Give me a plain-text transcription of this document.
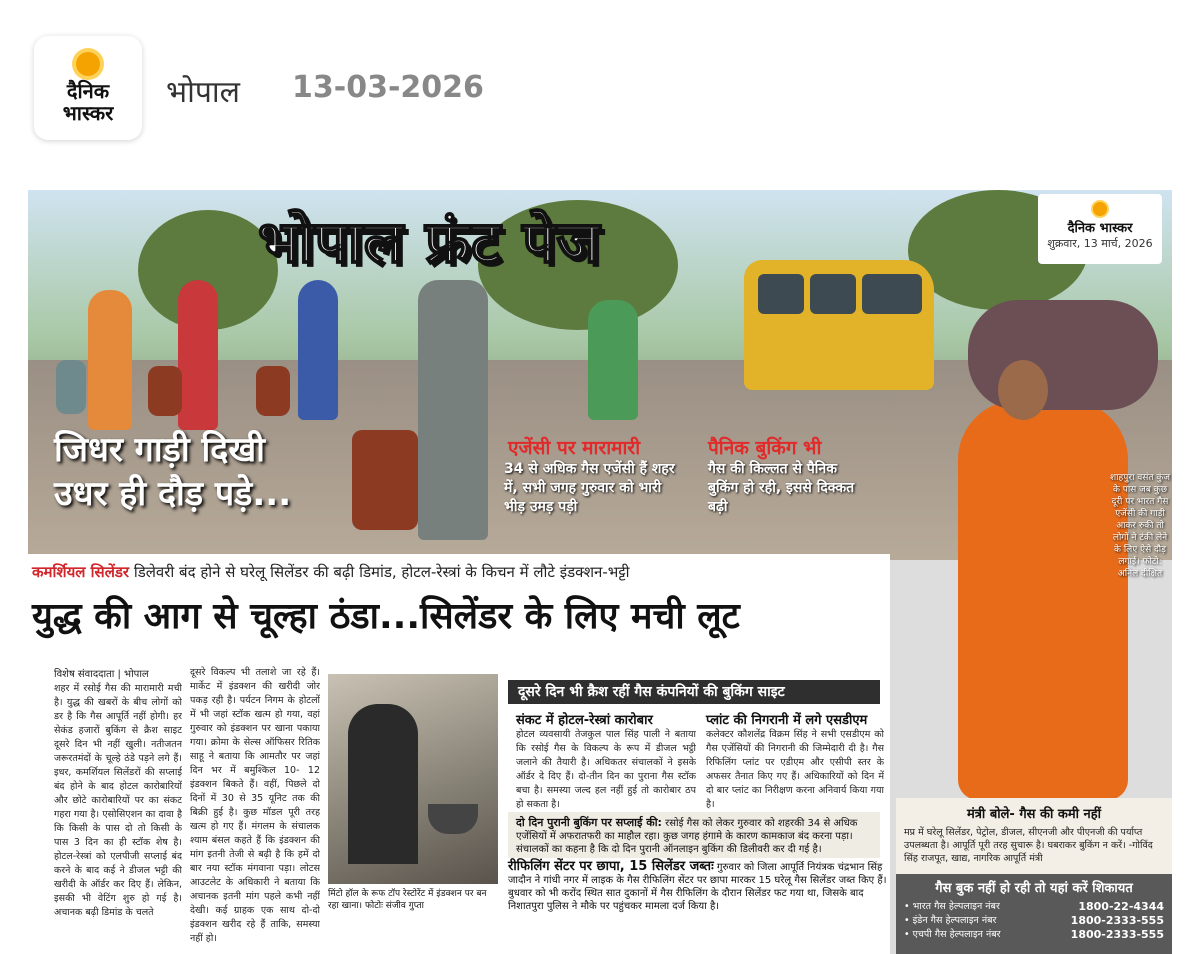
दैनिक
भास्कर
भोपाल 13-03-2026
भोपाल फ्रंट पेज	दैनिक भास्कर
शुक्रवार, 13 मार्च, 2026
जिधर गाड़ी दिखी
उधर ही दौड़ पड़े...
एजेंसी पर मारामारी
34 से अधिक गैस एजेंसी हैं शहर में, सभी जगह गुरुवार को भारी भीड़ उमड़ पड़ी
पैनिक बुकिंग भी
गैस की किल्लत से पैनिक बुकिंग हो रही, इससे दिक्कत बढ़ी
शाहपुरा वसंत कुंज के पास जब कुछ दूरी पर भारत गैस एजेंसी की गाड़ी आकर रुकी तो लोगों ने टंकी लेने के लिए ऐसे दौड़ लगाई। फोटो: अनिल दीक्षित
कमर्शियल सिलेंडर डिलेवरी बंद होने से घरेलू सिलेंडर की बढ़ी डिमांड, होटल-रेस्त्रां के किचन में लौटे इंडक्शन-भट्टी
युद्ध की आग से चूल्हा ठंडा...सिलेंडर के लिए मची लूट
विशेष संवाददाता | भोपाल
शहर में रसोई गैस की मारामारी मची है। युद्ध की खबरों के बीच लोगों को डर है कि गैस आपूर्ति नहीं होगी। हर सेकंड हजारों बुकिंग से क्रैश साइट दूसरे दिन भी नहीं खुली। नतीजतन जरूरतमंदों के चूल्हे ठंडे पड़ने लगे हैं। इधर, कमर्शियल सिलेंडरों की सप्लाई बंद होने के बाद होटल कारोबारियों और छोटे कारोबारियों पर का संकट गहरा गया है। एसोसिएशन का दावा है कि किसी के पास दो तो किसी के पास 3 दिन का ही स्टॉक शेष है। होटल-रेस्त्रां को एलपीजी सप्लाई बंद करने के बाद कई ने डीजल भट्टी की खरीदी के ऑर्डर कर दिए हैं। लेकिन, इसकी भी वेटिंग शुरु हो गई है। अचानक बढ़ी डिमांड के चलते
दूसरे विकल्प भी तलाशे जा रहे हैं। मार्केट में इंडक्शन की खरीदी जोर पकड़ रही है। पर्यटन निगम के होटलों में भी जहां स्टॉक खत्म हो गया, वहां गुरुवार को इंडक्शन पर खाना पकाया गया। क्रोमा के सेल्स ऑफिसर रितिक साहू ने बताया कि आमतौर पर जहां दिन भर में बमुश्किल 10- 12 इंडक्शन बिकते हैं। वहीं, पिछले दो दिनों में 30 से 35 यूनिट तक की बिक्री हुई है। कुछ मॉडल पूरी तरह खत्म हो गए हैं। मंगलम के संचालक श्याम बंसल कहते हैं कि इंडक्शन की मांग इतनी तेजी से बढ़ी है कि हमें दो बार नया स्टॉक मंगवाना पड़ा। लोटस आउटलेट के अधिकारी ने बताया कि अचानक इतनी मांग पहले कभी नहीं देखी। कई ग्राहक एक साथ दो-दो इंडक्शन खरीद रहे हैं ताकि, समस्या नहीं हो।
मिंटो हॉल के रूफ टॉप रेस्टोरेंट में इंडक्शन पर बन रहा खाना। फोटोः संजीव गुप्ता
दूसरे दिन भी क्रैश रहीं गैस कंपनियों की बुकिंग साइट
संकट में होटल-रेस्त्रां कारोबार
होटल व्यवसायी तेजकुल पाल सिंह पाली ने बताया कि रसोई गैस के विकल्प के रूप में डीजल भट्ठी जलाने की तैयारी है। अधिकतर संचालकों ने इसके ऑर्डर दे दिए हैं। दो-तीन दिन का पुराना गैस स्टॉक बचा है। समस्या जल्द हल नहीं हुई तो कारोबार ठप हो सकता है।
प्लांट की निगरानी में लगे एसडीएम
कलेक्टर कौशलेंद्र विक्रम सिंह ने सभी एसडीएम को गैस एजेंसियों की निगरानी की जिम्मेदारी दी है। गैस रिफिलिंग प्लांट पर एडीएम और एसीपी स्तर के अफसर तैनात किए गए हैं। अधिकारियों को दिन में दो बार प्लांट का निरीक्षण करना अनिवार्य किया गया है।
दो दिन पुरानी बुकिंग पर सप्लाई की: रसोई गैस को लेकर गुरुवार को शहरकी 34 से अधिक एजेंसियों में अफरातफरी का माहौल रहा। कुछ जगह हंगामे के कारण कामकाज बंद करना पड़ा। संचालकों का कहना है कि दो दिन पुरानी ऑनलाइन बुकिंग की डिलीवरी कर दी गई है।
रीफिलिंग सेंटर पर छापा, 15 सिलेंडर जब्तः गुरुवार को जिला आपूर्ति नियंत्रक चंद्रभान सिंह जादौन ने गांधी नगर में लाइक के गैस रीफिलिंग सेंटर पर छापा मारकर 15 घरेलू गैस सिलेंडर जब्त किए हैं। बुधवार को भी करोंद स्थित सात दुकानों में गैस रीफिलिंग के दौरान सिलेंडर फट गया था, जिसके बाद निशातपुरा पुलिस ने मौके पर पहुंचकर मामला दर्ज किया है।
मंत्री बोले- गैस की कमी नहीं
मप्र में घरेलू सिलेंडर, पेट्रोल, डीजल, सीएनजी और पीएनजी की पर्याप्त उपलब्धता है। आपूर्ति पूरी तरह सुचारू है। घबराकर बुकिंग न करें। -गोविंद सिंह राजपूत, खाद्य, नागरिक आपूर्ति मंत्री
गैस बुक नहीं हो रही तो यहां करें शिकायत
• भारत गैस हेल्पलाइन नंबर	1800-22-4344
• इंडेन गैस हेल्पलाइन नंबर	1800-2333-555
• एचपी गैस हेल्पलाइन नंबर	1800-2333-555
